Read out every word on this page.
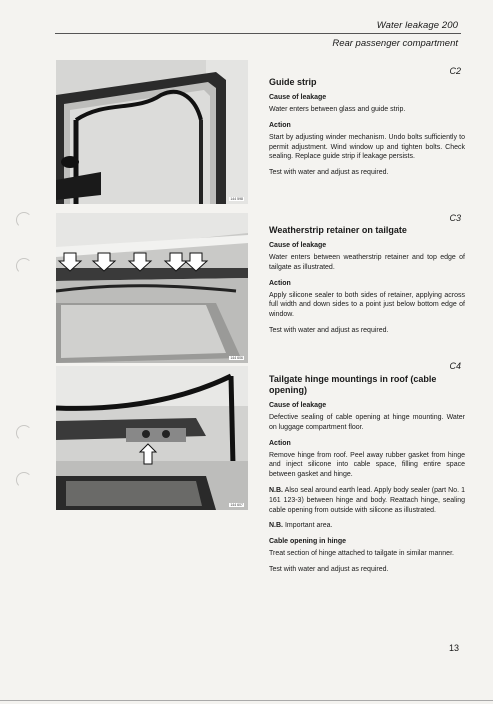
Water leakage 200
Rear passenger compartment
144 598
C2
Guide strip
Cause of leakage
Water enters between glass and guide strip.
Action
Start by adjusting winder mechanism. Undo bolts sufficiently to permit adjustment. Wind window up and tighten bolts. Check sealing. Replace guide strip if leakage persists.
Test with water and adjust as required.
144 606
C3
Weatherstrip retainer on tailgate
Cause of leakage
Water enters between weatherstrip retainer and top edge of tailgate as illustrated.
Action
Apply silicone sealer to both sides of retainer, applying across full width and down sides to a point just below bottom edge of window.
Test with water and adjust as required.
144 607
C4
Tailgate hinge mountings in roof (cable opening)
Cause of leakage
Defective sealing of cable opening at hinge mounting. Water on luggage compartment floor.
Action
Remove hinge from roof. Peel away rubber gasket from hinge and inject silicone into cable space, filling entire space between gasket and hinge.
N.B. Also seal around earth lead. Apply body sealer (part No. 1 161 123-3) between hinge and body. Reattach hinge, sealing cable opening from outside with silicone as illustrated.
N.B. Important area.
Cable opening in hinge
Treat section of hinge attached to tailgate in similar manner.
Test with water and adjust as required.
13
